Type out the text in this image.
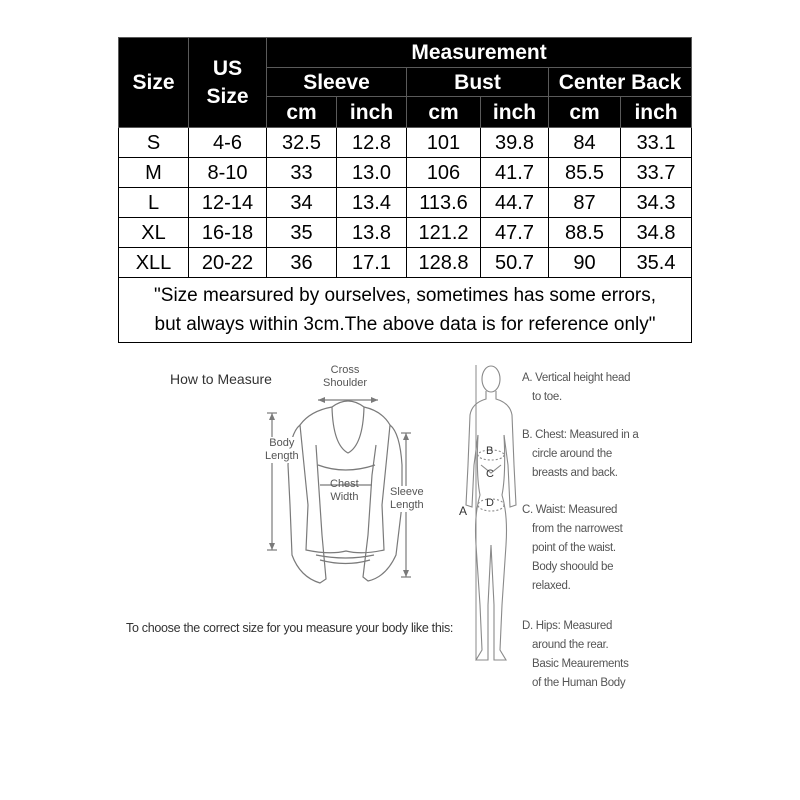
Size	US Size	Measurement					
		Sleeve		Bust		Center Back	
		cm	inch	cm	inch	cm	inch
S	4-6	32.5	12.8	101	39.8	84	33.1
M	8-10	33	13.0	106	41.7	85.5	33.7
L	12-14	34	13.4	113.6	44.7	87	34.3
XL	16-18	35	13.8	121.2	47.7	88.5	34.8
XLL	20-22	36	17.1	128.8	50.7	90	35.4
"Size mearsured by ourselves, sometimes has some errors,
but always within 3cm.The above data is for reference only"							
How to Measure
Cross
Shoulder
Body
Length
Chest
Width	Sleeve
Length	A
B
C
D
To choose the correct size for you measure your body like this:
A. Vertical height head
to toe.
B. Chest: Measured in a
circle around the
breasts and back.
C. Waist: Measured
from the narrowest
point of the waist.
Body shoould be
relaxed.
D. Hips: Measured
around the rear.
Basic Meaurements
of the Human Body
